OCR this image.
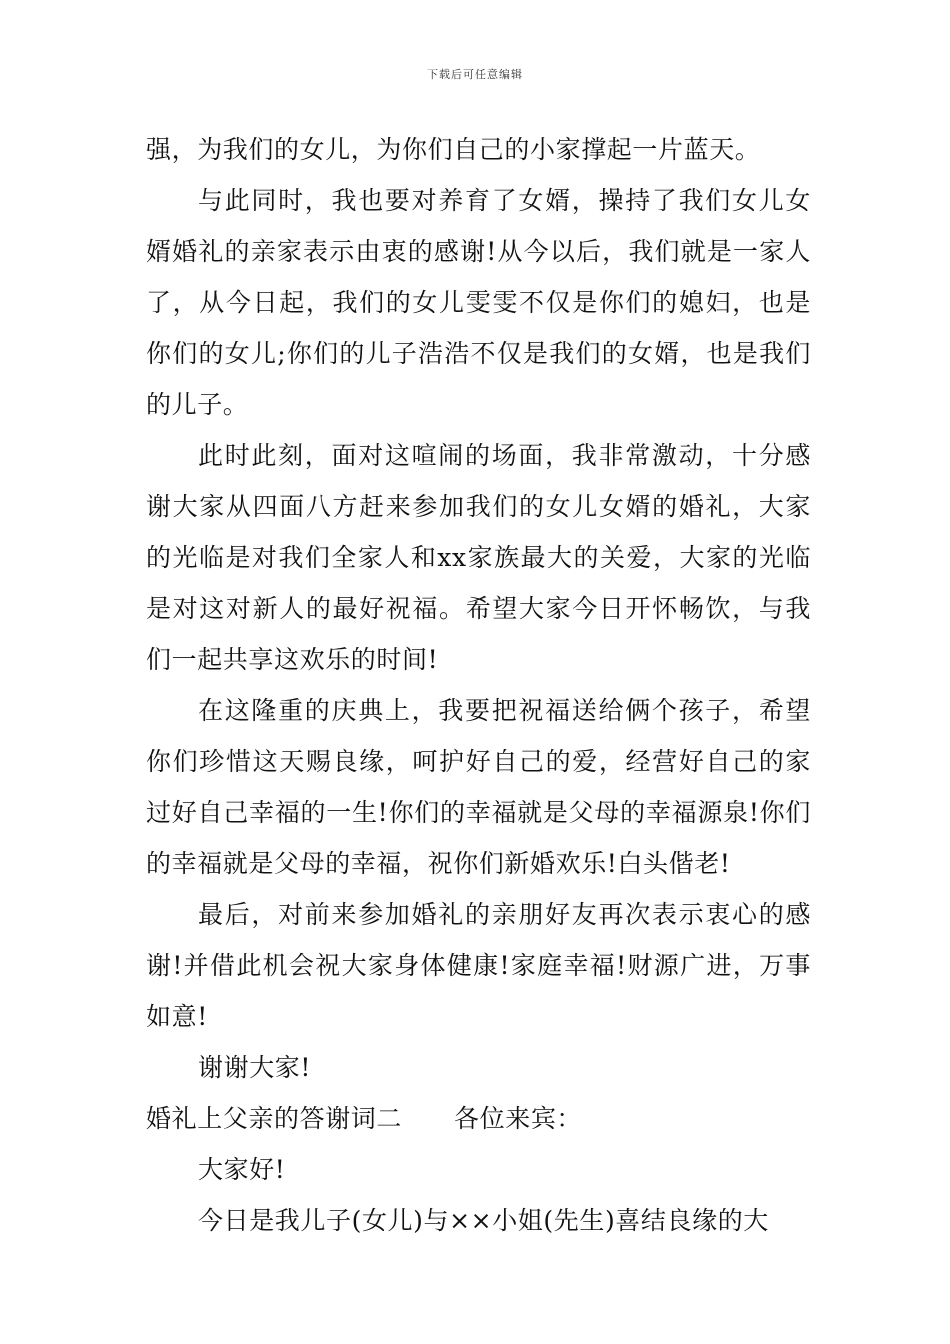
下载后可任意编辑

强，为我们的女儿，为你们自己的小家撑起一片蓝天。

与此同时，我也要对养育了女婿，操持了我们女儿女婿婚礼的亲家表示由衷的感谢!从今以后，我们就是一家人了，从今日起，我们的女儿雯雯不仅是你们的媳妇，也是你们的女儿;你们的儿子浩浩不仅是我们的女婿，也是我们的儿子。

此时此刻，面对这喧闹的场面，我非常激动，十分感谢大家从四面八方赶来参加我们的女儿女婿的婚礼，大家的光临是对我们全家人和xx家族最大的关爱，大家的光临是对这对新人的最好祝福。希望大家今日开怀畅饮，与我们一起共享这欢乐的时间!

在这隆重的庆典上，我要把祝福送给俩个孩子，希望你们珍惜这天赐良缘，呵护好自己的爱，经营好自己的家过好自己幸福的一生!你们的幸福就是父母的幸福源泉!你们的幸福就是父母的幸福，祝你们新婚欢乐!白头偕老!

最后，对前来参加婚礼的亲朋好友再次表示衷心的感谢!并借此机会祝大家身体健康!家庭幸福!财源广进，万事如意!

谢谢大家!

婚礼上父亲的答谢词二 各位来宾：

大家好!

今日是我儿子(女儿)与××小姐(先生)喜结良缘的大
